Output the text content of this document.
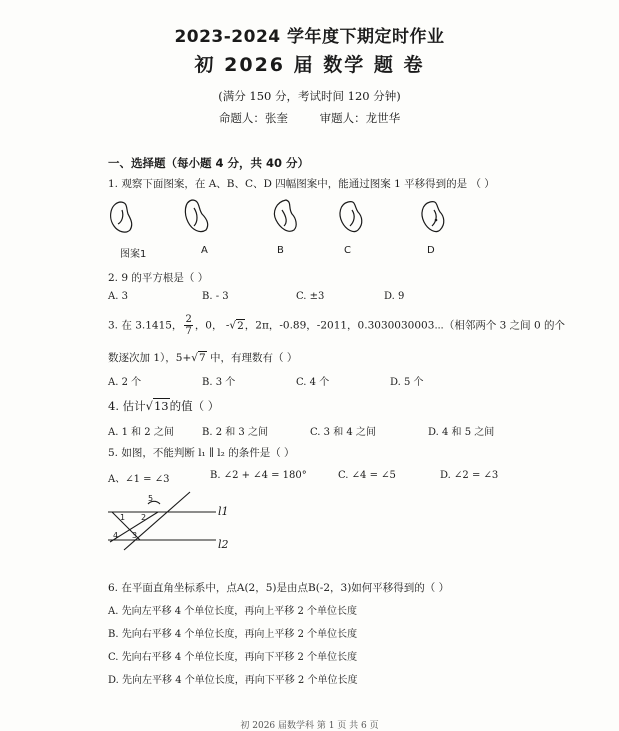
2023-2024 学年度下期定时作业
初 2026 届 数学 题 卷
(满分 150 分，考试时间 120 分钟)
命题人：张奎	审题人：龙世华
一、选择题（每小题 4 分，共 40 分）
1. 观察下面图案，在 A、B、C、D 四幅图案中，能通过图案 1 平移得到的是 （ ）
图案1	A	B	C	D
2. 9 的平方根是（ ）
A. 3	B. - 3	C. ±3	D. 9
3. 在 3.1415， $\frac{2}{7}$ ，0， -√2，2π，-0.89，-2011，0.3030030003⋯（相邻两个 3 之间 0 的个
数逐次加 1），5+√7 中，有理数有（ ）
A. 2 个	B. 3 个	C. 4 个	D. 5 个
4. 估计√13的值（ ）
A. 1 和 2 之间	B. 2 和 3 之间	C. 3 和 4 之间	D. 4 和 5 之间
5. 如图，不能判断 l₁ ∥ l₂ 的条件是（ ）
A、∠1 = ∠3	B. ∠2 + ∠4 = 180°	C. ∠4 = ∠5	D. ∠2 = ∠3
1 2
3
4
5
l1
l2
6. 在平面直角坐标系中，点A(2，5)是由点B(-2，3)如何平移得到的（ ）
A. 先向左平移 4 个单位长度，再向上平移 2 个单位长度
B. 先向右平移 4 个单位长度，再向上平移 2 个单位长度
C. 先向右平移 4 个单位长度，再向下平移 2 个单位长度
D. 先向左平移 4 个单位长度，再向下平移 2 个单位长度
初 2026 届数学科 第 1 页 共 6 页
